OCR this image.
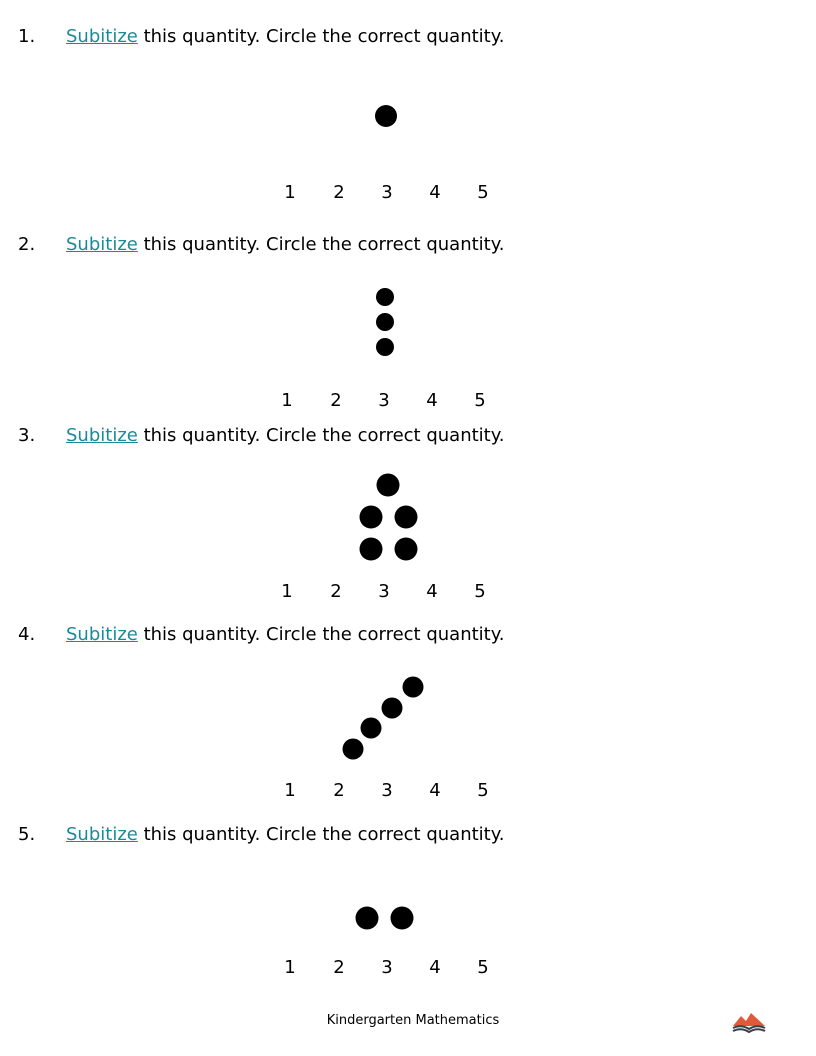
1. Subitize this quantity. Circle the correct quantity.
1 2 3 4 5
2. Subitize this quantity. Circle the correct quantity.
1 2 3 4 5
3. Subitize this quantity. Circle the correct quantity.
1 2 3 4 5
4. Subitize this quantity. Circle the correct quantity.
1 2 3 4 5
5. Subitize this quantity. Circle the correct quantity.
1 2 3 4 5
Kindergarten Mathematics
